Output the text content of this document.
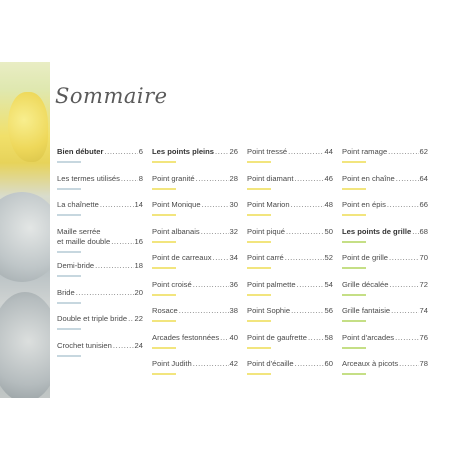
Sommaire
Bien débuter .....	6
Les termes utilisés ..... 8
La chaînette .....	14
Maille serrée
et maille double .....	16
Demi-bride .....	18
Bride .....	20
Double et triple bride ..... 22
Crochet tunisien .....	24
Les points pleins ..... 26
Point granité .....	28
Point Monique .....	30
Point albanais .....	32
Point de carreaux ..... 34
Point croisé .....	36
Rosace .....	38
Arcades festonnées ..... 40
Point Judith .....	42
Point tressé .....	44
Point diamant .....	46
Point Marion .....	48
Point piqué .....	50
Point carré .....	52
Point palmette .....	54
Point Sophie .....	56
Point de gaufrette ..... 58
Point d'écaille .....	60
Point ramage .....	62
Point en chaîne .....	64
Point en épis .....	66
Les points de grille ..... 68
Point de grille .....	70
Grille décalée .....	72
Grille fantaisie .....	74
Point d'arcades .....	76
Arceaux à picots .....	78
